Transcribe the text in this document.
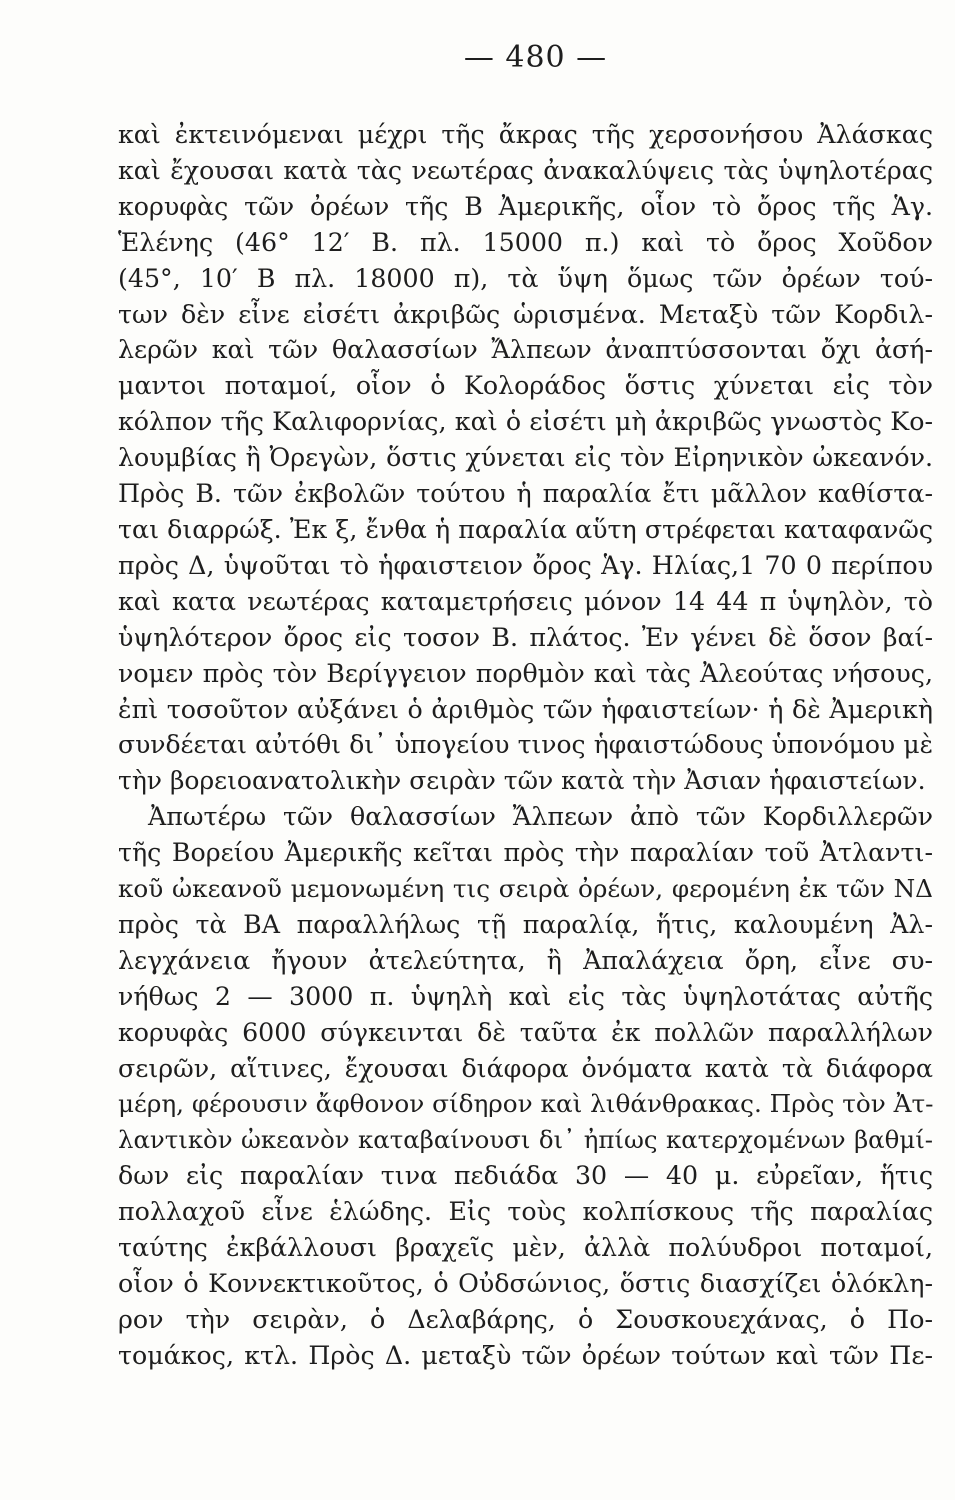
— 480 —
καὶ ἐκτεινόμεναι μέχρι τῆς ἄκρας τῆς χερσονήσου Ἀλάσκας
καὶ ἔχουσαι κατὰ τὰς νεωτέρας ἀνακαλύψεις τὰς ὑψηλοτέρας
κορυφὰς τῶν ὀρέων τῆς Β Ἀμερικῆς, οἷον τὸ ὄρος τῆς Ἁγ.
Ἑλένης (46° 12′ Β. πλ. 15000 π.) καὶ τὸ ὄρος Χοῦδον
(45°, 10′ Β πλ. 18000 π), τὰ ὕψη ὅμως τῶν ὀρέων τού-
των δὲν εἶνε εἰσέτι ἀκριβῶς ὡρισμένα. Μεταξὺ τῶν Κορδιλ-
λερῶν καὶ τῶν θαλασσίων Ἄλπεων ἀναπτύσσονται ὄχι ἀσή-
μαντοι ποταμοί, οἷον ὁ Κολοράδος ὅστις χύνεται εἰς τὸν
κόλπον τῆς Καλιφορνίας, καὶ ὁ εἰσέτι μὴ ἀκριβῶς γνωστὸς Κο-
λουμβίας ἢ Ὀρεγὼν, ὅστις χύνεται εἰς τὸν Εἰρηνικὸν ὠκεανόν.
Πρὸς Β. τῶν ἐκβολῶν τούτου ἡ παραλία ἔτι μᾶλλον καθίστα-
ται διαρρώξ. Ἐκ ξ, ἔνθα ἡ παραλία αὕτη στρέφεται καταφανῶς
πρὸς Δ, ὑψοῦται τὸ ἡφαιστειον ὄρος Ἁγ. Ηλίας,1 70 0 περίπου
καὶ κατα νεωτέρας καταμετρήσεις μόνον 14 44 π ὑψηλὸν, τὸ
ὑψηλότερον ὄρος εἰς τοσον Β. πλάτος. Ἐν γένει δὲ ὅσον βαί-
νομεν πρὸς τὸν Βερίγγειον πορθμὸν καὶ τὰς Ἀλεούτας νήσους,
ἐπὶ τοσοῦτον αὐξάνει ὁ ἀριθμὸς τῶν ἡφαιστείων· ἡ δὲ Ἀμερικὴ
συνδέεται αὐτόθι δι᾽ ὑπογείου τινος ἡφαιστώδους ὑπονόμου μὲ
τὴν βορειοανατολικὴν σειρὰν τῶν κατὰ τὴν Ἀσιαν ἡφαιστείων.
Ἀπωτέρω τῶν θαλασσίων Ἄλπεων ἀπὸ τῶν Κορδιλλερῶν
τῆς Βορείου Ἀμερικῆς κεῖται πρὸς τὴν παραλίαν τοῦ Ἀτλαντι-
κοῦ ὠκεανοῦ μεμονωμένη τις σειρὰ ὀρέων, φερομένη ἐκ τῶν ΝΔ
πρὸς τὰ ΒΑ παραλλήλως τῇ παραλίᾳ, ἥτις, καλουμένη Ἀλ-
λεγχάνεια ἤγουν ἀτελεύτητα, ἢ Ἀπαλάχεια ὄρη, εἶνε συ-
νήθως 2 — 3000 π. ὑψηλὴ καὶ εἰς τὰς ὑψηλοτάτας αὐτῆς
κορυφὰς 6000 σύγκεινται δὲ ταῦτα ἐκ πολλῶν παραλλήλων
σειρῶν, αἵτινες, ἔχουσαι διάφορα ὀνόματα κατὰ τὰ διάφορα
μέρη, φέρουσιν ἄφθονον σίδηρον καὶ λιθάνθρακας. Πρὸς τὸν Ἀτ-
λαντικὸν ὠκεανὸν καταβαίνουσι δι᾽ ἠπίως κατερχομένων βαθμί-
δων εἰς παραλίαν τινα πεδιάδα 30 — 40 μ. εὐρεῖαν, ἥτις
πολλαχοῦ εἶνε ἑλώδης. Εἰς τοὺς κολπίσκους τῆς παραλίας
ταύτης ἐκβάλλουσι βραχεῖς μὲν, ἀλλὰ πολύυδροι ποταμοί,
οἷον ὁ Κοννεκτικοῦτος, ὁ Οὐδσώνιος, ὅστις διασχίζει ὁλόκλη-
ρον τὴν σειρὰν, ὁ Δελαβάρης, ὁ Σουσκουεχάνας, ὁ Πο-
τομάκος, κτλ. Πρὸς Δ. μεταξὺ τῶν ὀρέων τούτων καὶ τῶν Πε-
